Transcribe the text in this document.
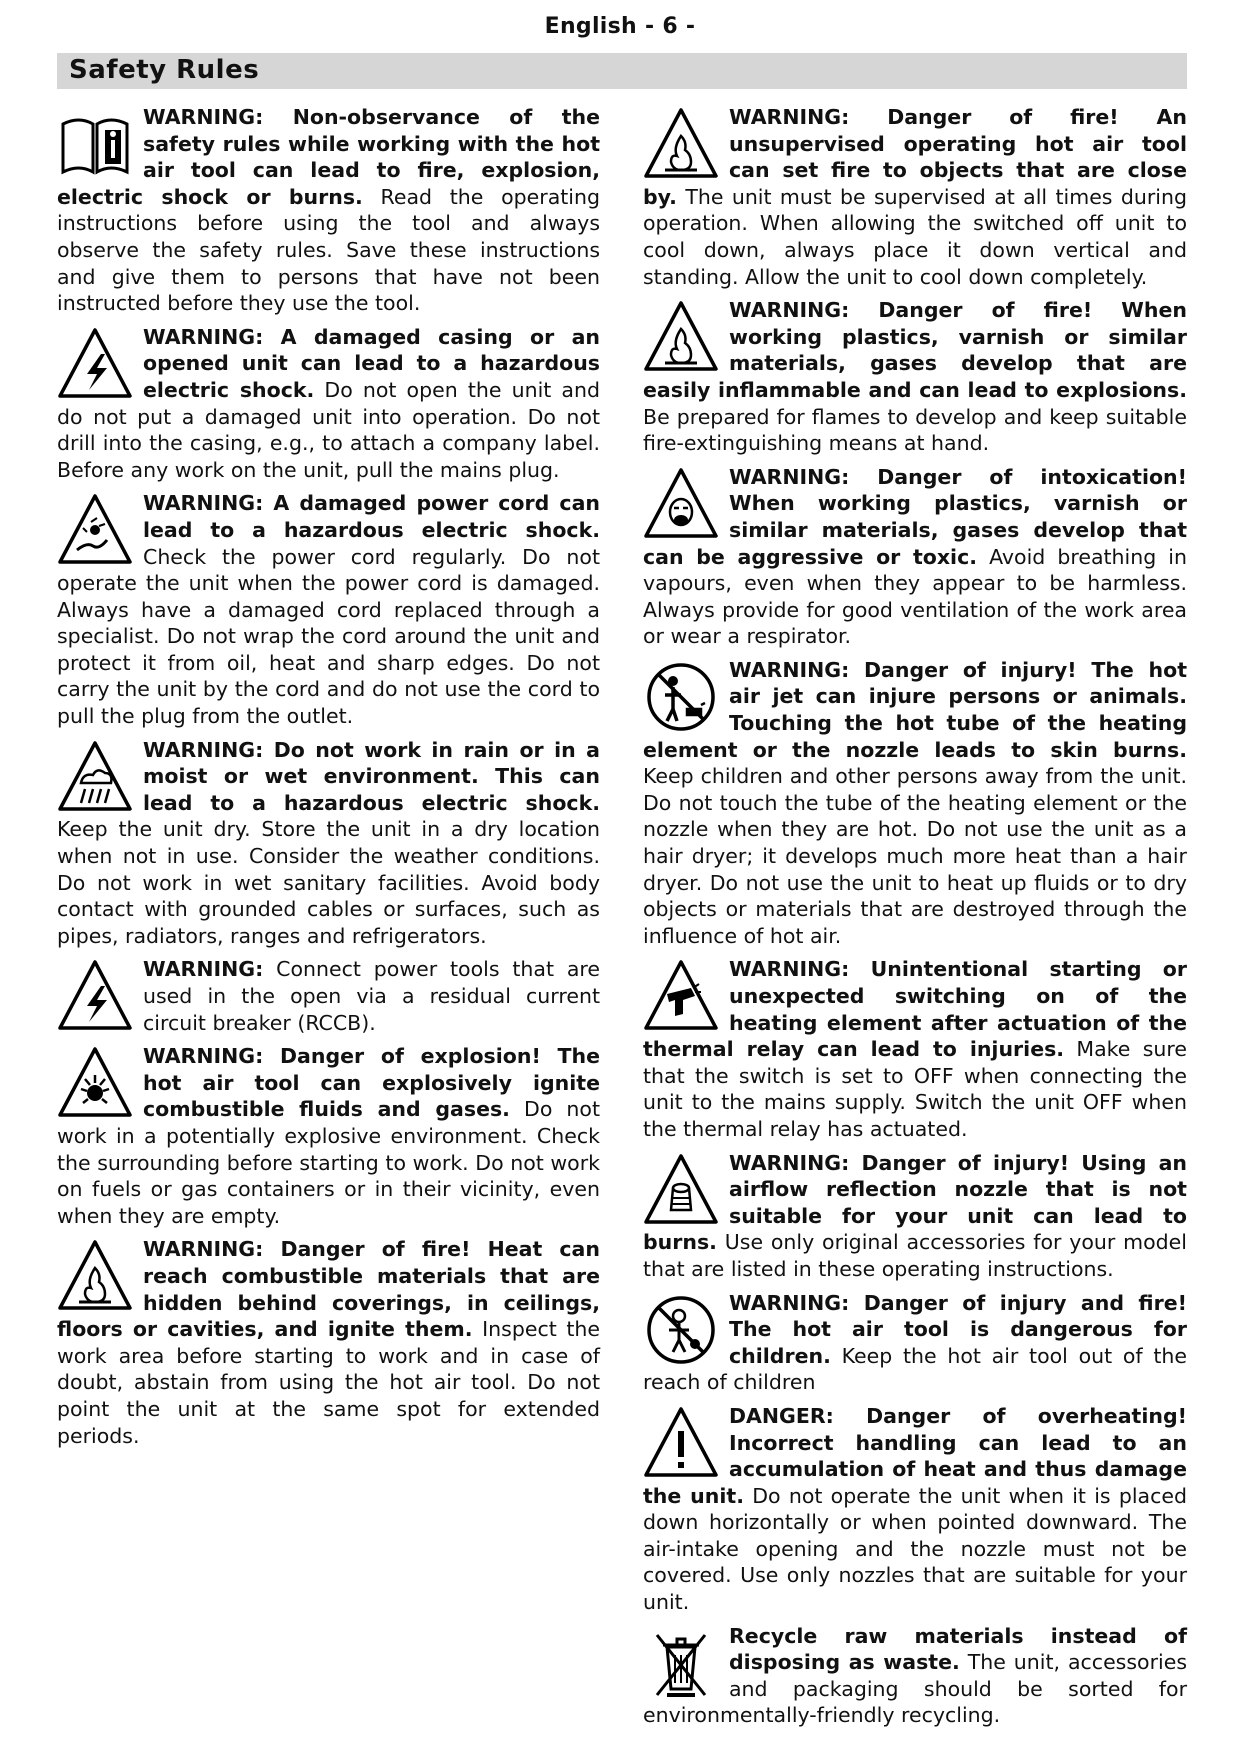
English - 6 -
Safety Rules
WARNING: Non-observance of the safety rules while working with the hot air tool can lead to fire, explosion, electric shock or burns. Read the operating instructions before using the tool and always observe the safety rules. Save these instructions and give them to persons that have not been instructed before they use the tool.
WARNING: A damaged casing or an opened unit can lead to a hazardous electric shock. Do not open the unit and do not put a damaged unit into operation. Do not drill into the casing, e.g., to attach a company label. Before any work on the unit, pull the mains plug.
WARNING: A damaged power cord can lead to a hazardous electric shock. Check the power cord regularly. Do not operate the unit when the power cord is damaged. Always have a damaged cord replaced through a specialist. Do not wrap the cord around the unit and protect it from oil, heat and sharp edges. Do not carry the unit by the cord and do not use the cord to pull the plug from the outlet.
WARNING: Do not work in rain or in a moist or wet environment. This can lead to a hazardous electric shock. Keep the unit dry. Store the unit in a dry location when not in use. Consider the weather conditions. Do not work in wet sanitary facilities. Avoid body contact with grounded cables or surfaces, such as pipes, radiators, ranges and refrigerators.
WARNING: Connect power tools that are used in the open via a residual current circuit breaker (RCCB).
WARNING: Danger of explosion! The hot air tool can explosively ignite combustible fluids and gases. Do not work in a potentially explosive environment. Check the surrounding before starting to work. Do not work on fuels or gas containers or in their vicinity, even when they are empty.
WARNING: Danger of fire! Heat can reach combustible materials that are hidden behind coverings, in ceilings, floors or cavities, and ignite them. Inspect the work area before starting to work and in case of doubt, abstain from using the hot air tool. Do not point the unit at the same spot for extended periods.
WARNING: Danger of fire! An unsupervised operating hot air tool can set fire to objects that are close by. The unit must be supervised at all times during operation. When allowing the switched off unit to cool down, always place it down vertical and standing. Allow the unit to cool down completely.
WARNING: Danger of fire! When working plastics, varnish or similar materials, gases develop that are easily inflammable and can lead to explosions. Be prepared for flames to develop and keep suitable fire-extinguishing means at hand.
WARNING: Danger of intoxication! When working plastics, varnish or similar materials, gases develop that can be aggressive or toxic. Avoid breathing in vapours, even when they appear to be harmless. Always provide for good ventilation of the work area or wear a respirator.
WARNING: Danger of injury! The hot air jet can injure persons or animals. Touching the hot tube of the heating element or the nozzle leads to skin burns. Keep children and other persons away from the unit. Do not touch the tube of the heating element or the nozzle when they are hot. Do not use the unit as a hair dryer; it develops much more heat than a hair dryer. Do not use the unit to heat up fluids or to dry objects or materials that are destroyed through the influence of hot air.
WARNING: Unintentional starting or unexpected switching on of the heating element after actuation of the thermal relay can lead to injuries. Make sure that the switch is set to OFF when connecting the unit to the mains supply. Switch the unit OFF when the thermal relay has actuated.
WARNING: Danger of injury! Using an airflow reflection nozzle that is not suitable for your unit can lead to burns. Use only original accessories for your model that are listed in these operating instructions.
WARNING: Danger of injury and fire! The hot air tool is dangerous for children. Keep the hot air tool out of the reach of children
DANGER: Danger of overheating! Incorrect handling can lead to an accumulation of heat and thus damage the unit. Do not operate the unit when it is placed down horizontally or when pointed downward. The air-intake opening and the nozzle must not be covered. Use only nozzles that are suitable for your unit.
Recycle raw materials instead of disposing as waste. The unit, accessories and packaging should be sorted for environmentally-friendly recycling.
